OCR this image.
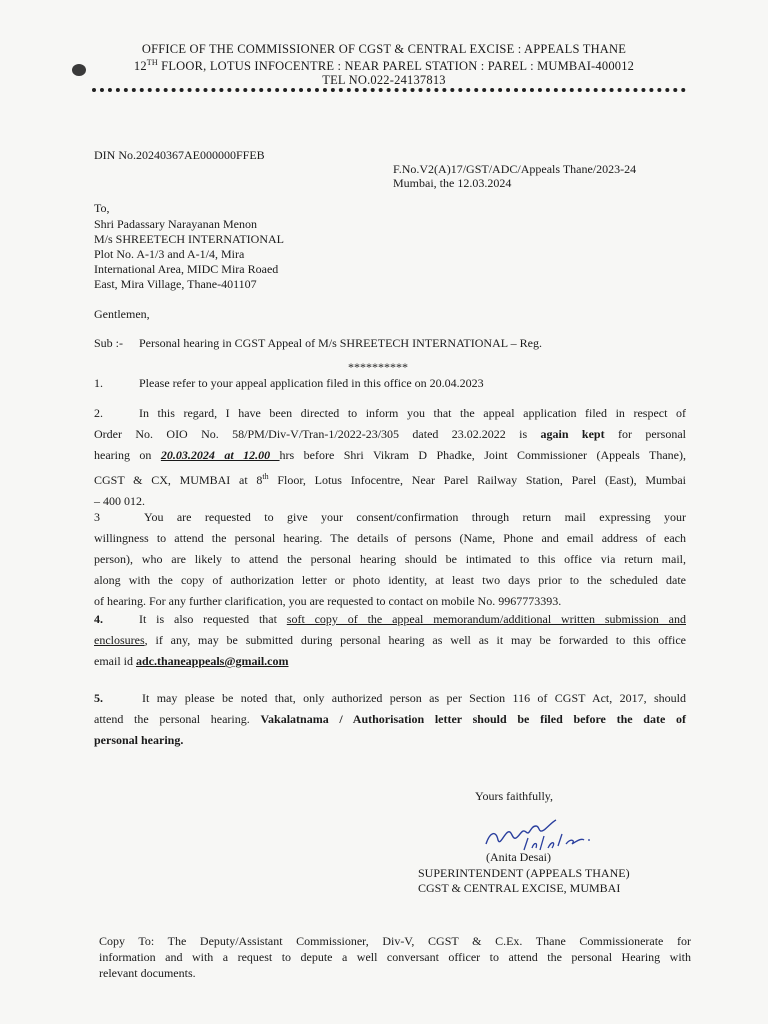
OFFICE OF THE COMMISSIONER OF CGST & CENTRAL EXCISE : APPEALS THANE
12TH FLOOR, LOTUS INFOCENTRE : NEAR PAREL STATION : PAREL : MUMBAI-400012
TEL NO.022-24137813
DIN No.20240367AE000000FFEB
F.No.V2(A)17/GST/ADC/Appeals Thane/2023-24
Mumbai, the 12.03.2024
To,
Shri Padassary Narayanan Menon
M/s SHREETECH INTERNATIONAL
Plot No. A-1/3 and A-1/4, Mira
International Area, MIDC Mira Roaed
East, Mira Village, Thane-401107
Gentlemen,
Sub :- Personal hearing in CGST Appeal of M/s SHREETECH INTERNATIONAL – Reg.
**********
1.	Please refer to your appeal application filed in this office on 20.04.2023
2.	In this regard, I have been directed to inform you that the appeal application filed in respect of
Order No. OIO No. 58/PM/Div-V/Tran-1/2022-23/305 dated 23.02.2022 is again kept for personal
hearing on 20.03.2024 at 12.00 hrs before Shri Vikram D Phadke, Joint Commissioner (Appeals Thane),
CGST & CX, MUMBAI at 8th Floor, Lotus Infocentre, Near Parel Railway Station, Parel (East), Mumbai
– 400 012.
3	You are requested to give your consent/confirmation through return mail expressing your
willingness to attend the personal hearing. The details of persons (Name, Phone and email address of each
person), who are likely to attend the personal hearing should be intimated to this office via return mail,
along with the copy of authorization letter or photo identity, at least two days prior to the scheduled date
of hearing. For any further clarification, you are requested to contact on mobile No. 9967773393.
4.	It is also requested that soft copy of the appeal memorandum/additional written submission and
enclosures, if any, may be submitted during personal hearing as well as it may be forwarded to this office
email id adc.thaneappeals@gmail.com
5.	It may please be noted that, only authorized person as per Section 116 of CGST Act, 2017, should
attend the personal hearing. Vakalatnama / Authorisation letter should be filed before the date of
personal hearing.
Yours faithfully,
(Anita Desai)
SUPERINTENDENT (APPEALS THANE)
CGST & CENTRAL EXCISE, MUMBAI
Copy To: The Deputy/Assistant Commissioner, Div-V, CGST & C.Ex. Thane Commissionerate for
information and with a request to depute a well conversant officer to attend the personal Hearing with
relevant documents.
